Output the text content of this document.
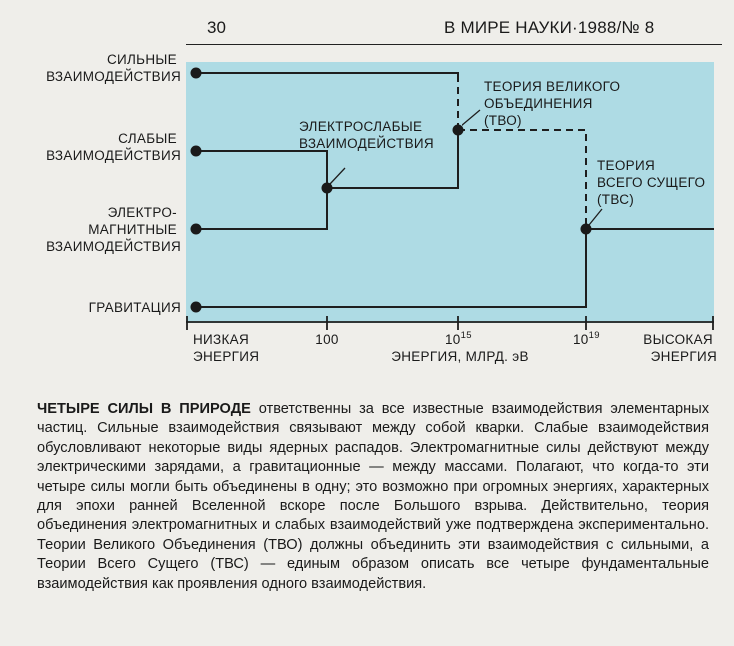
30	В МИРЕ НАУКИ·1988/№ 8
СИЛЬНЫЕ ВЗАИМОДЕЙСТВИЯ
СЛАБЫЕ ВЗАИМОДЕЙСТВИЯ
ЭЛЕКТРО- МАГНИТНЫЕ ВЗАИМОДЕЙСТВИЯ
ГРАВИТАЦИЯ
ЭЛЕКТРОСЛАБЫЕ ВЗАИМОДЕЙСТВИЯ
ТЕОРИЯ ВЕЛИКОГО ОБЪЕДИНЕНИЯ (ТВО)
ТЕОРИЯ ВСЕГО СУЩЕГО (ТВС)
НИЗКАЯ ЭНЕРГИЯ
100	$10^{15}$	$10^{19}$
ЭНЕРГИЯ, МЛРД. эВ
ВЫСОКАЯ ЭНЕРГИЯ
ЧЕТЫРЕ СИЛЫ В ПРИРОДЕ ответственны за все известные взаимодействия элементарных частиц. Сильные взаимодействия связывают между собой кварки. Слабые взаимодействия обусловливают некоторые виды ядерных распадов. Электромагнитные силы действуют между электрическими зарядами, а гравитационные — между массами. Полагают, что когда-то эти четыре силы могли быть объединены в одну; это возможно при огромных энергиях, характерных для эпохи ранней Вселенной вскоре после Большого взрыва. Действительно, теория объединения электромагнитных и слабых взаимодействий уже подтверждена экспериментально. Теории Великого Объединения (ТВО) должны объединить эти взаимодействия с сильными, а Теории Всего Сущего (ТВС) — единым образом описать все четыре фундаментальные взаимодействия как проявления одного взаимодействия.
